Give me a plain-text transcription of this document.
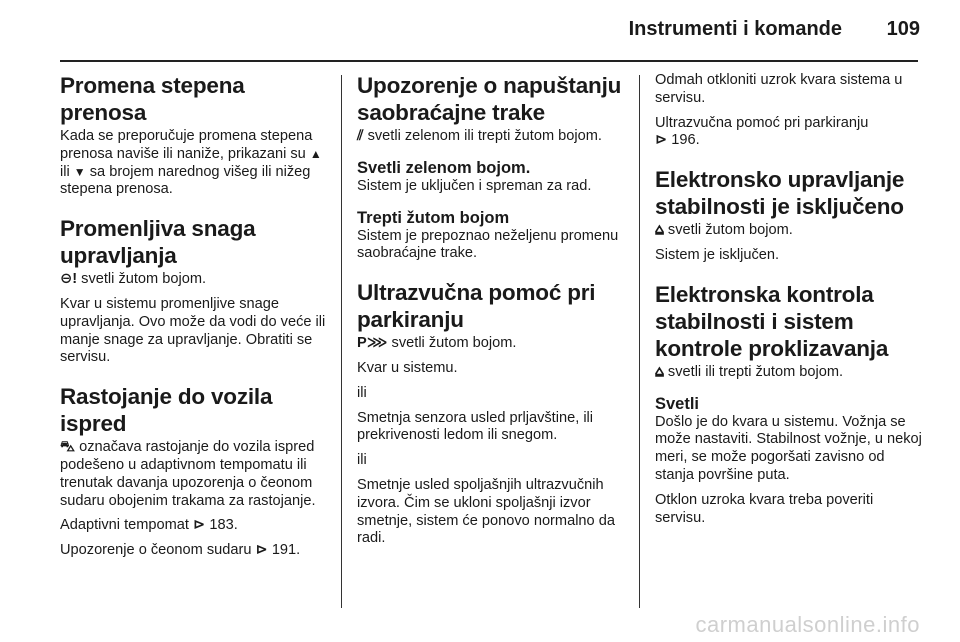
Instrumenti i komande 109
Promena stepena prenosa

Kada se preporučuje promena stepena prenosa naviše ili naniže, prikazani su ▲ ili ▼ sa brojem narednog višeg ili nižeg stepena prenosa.

Promenljiva snaga upravljanja

⊖! svetli žutom bojom.

Kvar u sistemu promenljive snage upravljanja. Ovo može da vodi do veće ili manje snage za upravljanje. Obratiti se servisu.

Rastojanje do vozila ispred

⛍ označava rastojanje do vozila ispred podešeno u adaptivnom tempomatu ili trenutak davanja upozorenja o čeonom sudaru obojenim trakama za rastojanje.

Adaptivni tempomat ⊳ 183.

Upozorenje o čeonom sudaru ⊳ 191.

Upozorenje o napuštanju saobraćajne trake

⫽ svetli zelenom ili trepti žutom bojom.

Svetli zelenom bojom.

Sistem je uključen i spreman za rad.

Trepti žutom bojom

Sistem je prepoznao neželjenu promenu saobraćajne trake.

Ultrazvučna pomoć pri parkiranju

P⋙ svetli žutom bojom.

Kvar u sistemu.

ili

Smetnja senzora usled prljavštine, ili prekrivenosti ledom ili snegom.

ili

Smetnje usled spoljašnjih ultrazvučnih izvora. Čim se ukloni spoljašnji izvor smetnje, sistem će ponovo normalno da radi.

Odmah otkloniti uzrok kvara sistema u servisu.

Ultrazvučna pomoć pri parkiranju
⊳ 196.

Elektronsko upravljanje stabilnosti je isključeno

⩠ svetli žutom bojom.

Sistem je isključen.

Elektronska kontrola stabilnosti i sistem kontrole proklizavanja

⩠ svetli ili trepti žutom bojom.

Svetli

Došlo je do kvara u sistemu. Vožnja se može nastaviti. Stabilnost vožnje, u nekoj meri, se može pogoršati zavisno od stanja površine puta.

Otklon uzroka kvara treba poveriti servisu.

carmanualsonline.info
